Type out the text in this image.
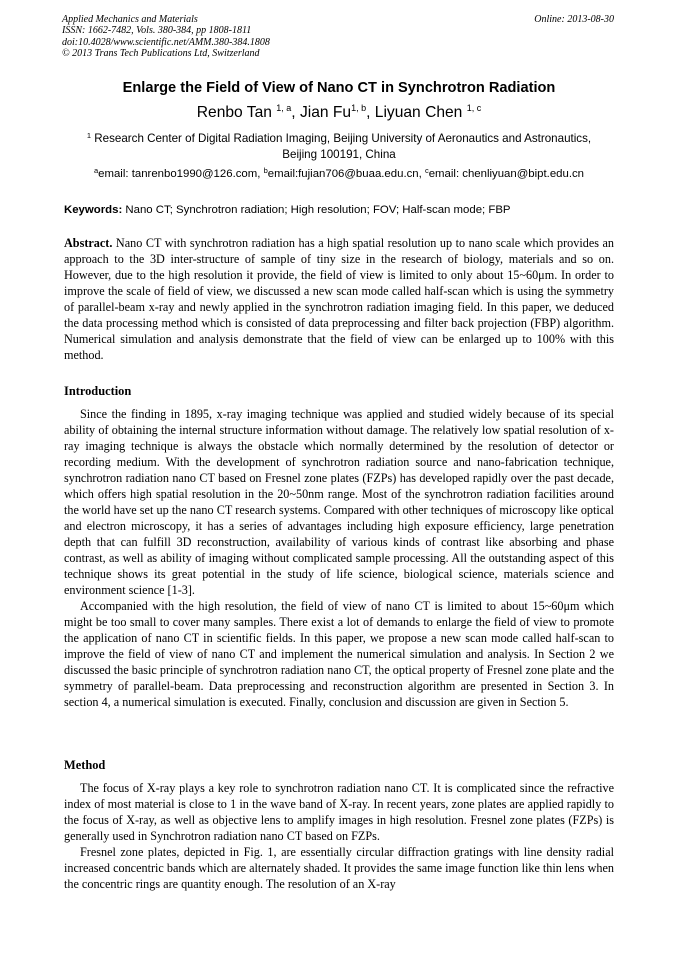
Applied Mechanics and Materials
ISSN: 1662-7482, Vols. 380-384, pp 1808-1811
doi:10.4028/www.scientific.net/AMM.380-384.1808
© 2013 Trans Tech Publications Ltd, Switzerland
Online: 2013-08-30
Enlarge the Field of View of Nano CT in Synchrotron Radiation
Renbo Tan $^{1, a}$, Jian Fu$^{1, b}$, Liyuan Chen $^{1, c}$
$^1$ Research Center of Digital Radiation Imaging, Beijing University of Aeronautics and Astronautics,
Beijing 100191, China
$^a$email: tanrenbo1990@126.com, $^b$email:fujian706@buaa.edu.cn, $^c$email: chenliyuan@bipt.edu.cn
Keywords: Nano CT; Synchrotron radiation; High resolution; FOV; Half-scan mode; FBP

Abstract. Nano CT with synchrotron radiation has a high spatial resolution up to nano scale which provides an approach to the 3D inter-structure of sample of tiny size in the research of biology, materials and so on. However, due to the high resolution it provide, the field of view is limited to only about 15~60μm. In order to improve the scale of field of view, we discussed a new scan mode called half-scan which is using the symmetry of parallel-beam x-ray and newly applied in the synchrotron radiation imaging field. In this paper, we deduced the data processing method which is consisted of data preprocessing and filter back projection (FBP) algorithm. Numerical simulation and analysis demonstrate that the field of view can be enlarged up to 100% with this method.

Introduction

Since the finding in 1895, x-ray imaging technique was applied and studied widely because of its special ability of obtaining the internal structure information without damage. The relatively low spatial resolution of x-ray imaging technique is always the obstacle which normally determined by the resolution of detector or recording medium. With the development of synchrotron radiation source and nano-fabrication technique, synchrotron radiation nano CT based on Fresnel zone plates (FZPs) has developed rapidly over the past decade, which offers high spatial resolution in the 20~50nm range. Most of the synchrotron radiation facilities around the world have set up the nano CT research systems. Compared with other techniques of microscopy like optical and electron microscopy, it has a series of advantages including high exposure efficiency, large penetration depth that can fulfill 3D reconstruction, availability of various kinds of contrast like absorbing and phase contrast, as well as ability of imaging without complicated sample processing. All the outstanding aspect of this technique shows its great potential in the study of life science, biological science, materials science and environment science [1-3].

Accompanied with the high resolution, the field of view of nano CT is limited to about 15~60μm which might be too small to cover many samples. There exist a lot of demands to enlarge the field of view to promote the application of nano CT in scientific fields. In this paper, we propose a new scan mode called half-scan to improve the field of view of nano CT and implement the numerical simulation and analysis. In Section 2 we discussed the basic principle of synchrotron radiation nano CT, the optical property of Fresnel zone plate and the symmetry of parallel-beam. Data preprocessing and reconstruction algorithm are presented in Section 3. In section 4, a numerical simulation is executed. Finally, conclusion and discussion are given in Section 5.

Method

The focus of X-ray plays a key role to synchrotron radiation nano CT. It is complicated since the refractive index of most material is close to 1 in the wave band of X-ray. In recent years, zone plates are applied rapidly to the focus of X-ray, as well as objective lens to amplify images in high resolution. Fresnel zone plates (FZPs) is generally used in Synchrotron radiation nano CT based on FZPs.

Fresnel zone plates, depicted in Fig. 1, are essentially circular diffraction gratings with line density radial increased concentric bands which are alternately shaded. It provides the same image function like thin lens when the concentric rings are quantity enough. The resolution of an X-ray
